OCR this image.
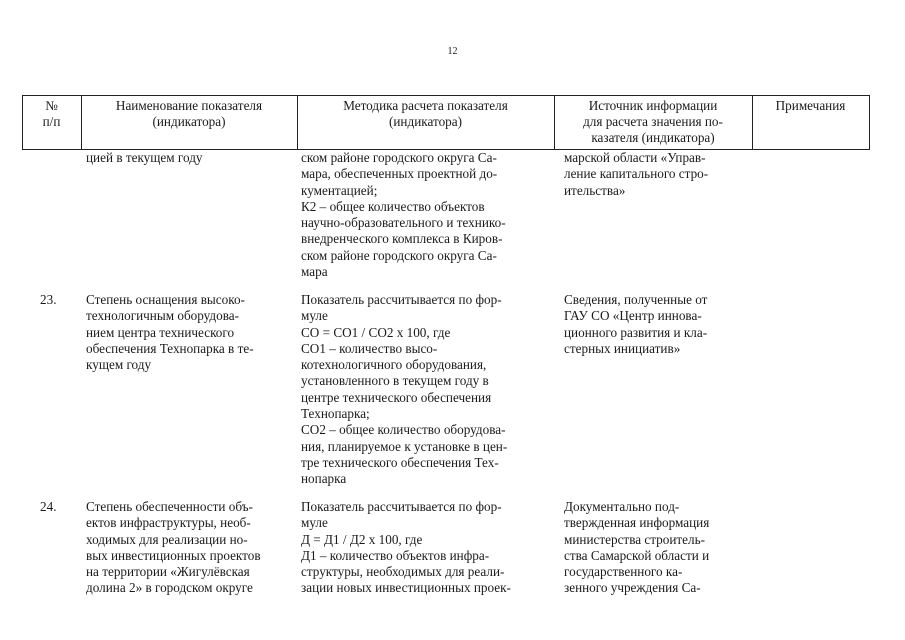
12
№
п/п
Наименование показателя
(индикатора)
Методика расчета показателя
(индикатора)
Источник информации
для расчета значения по-
казателя (индикатора)
Примечания
цией в текущем году	ском районе городского округа Са-
мара, обеспеченных проектной до-
кументацией;
К2 – общее количество объектов
научно-образовательного и технико-
внедренческого комплекса в Киров-
ском районе городского округа Са-
мара
марской области «Управ-
ление капитального стро-
ительства»
23. Степень оснащения высоко-
технологичным оборудова-
нием центра технического
обеспечения Технопарка в те-
кущем году
Показатель рассчитывается по фор-
муле
СО = СО1 / СО2 х 100, где
СО1 – количество высо-
котехнологичного оборудования,
установленного в текущем году в
центре технического обеспечения
Технопарка;
СО2 – общее количество оборудова-
ния, планируемое к установке в цен-
тре технического обеспечения Тех-
нопарка
Сведения, полученные от
ГАУ СО «Центр иннова-
ционного развития и кла-
стерных инициатив»
24. Степень обеспеченности объ-
ектов инфраструктуры, необ-
ходимых для реализации но-
вых инвестиционных проектов
на территории «Жигулёвская
долина 2» в городском округе
Показатель рассчитывается по фор-
муле
Д = Д1 / Д2 х 100, где
Д1 – количество объектов инфра-
структуры, необходимых для реали-
зации новых инвестиционных проек-
Документально под-
твержденная информация
министерства строитель-
ства Самарской области и
государственного ка-
зенного учреждения Са-
